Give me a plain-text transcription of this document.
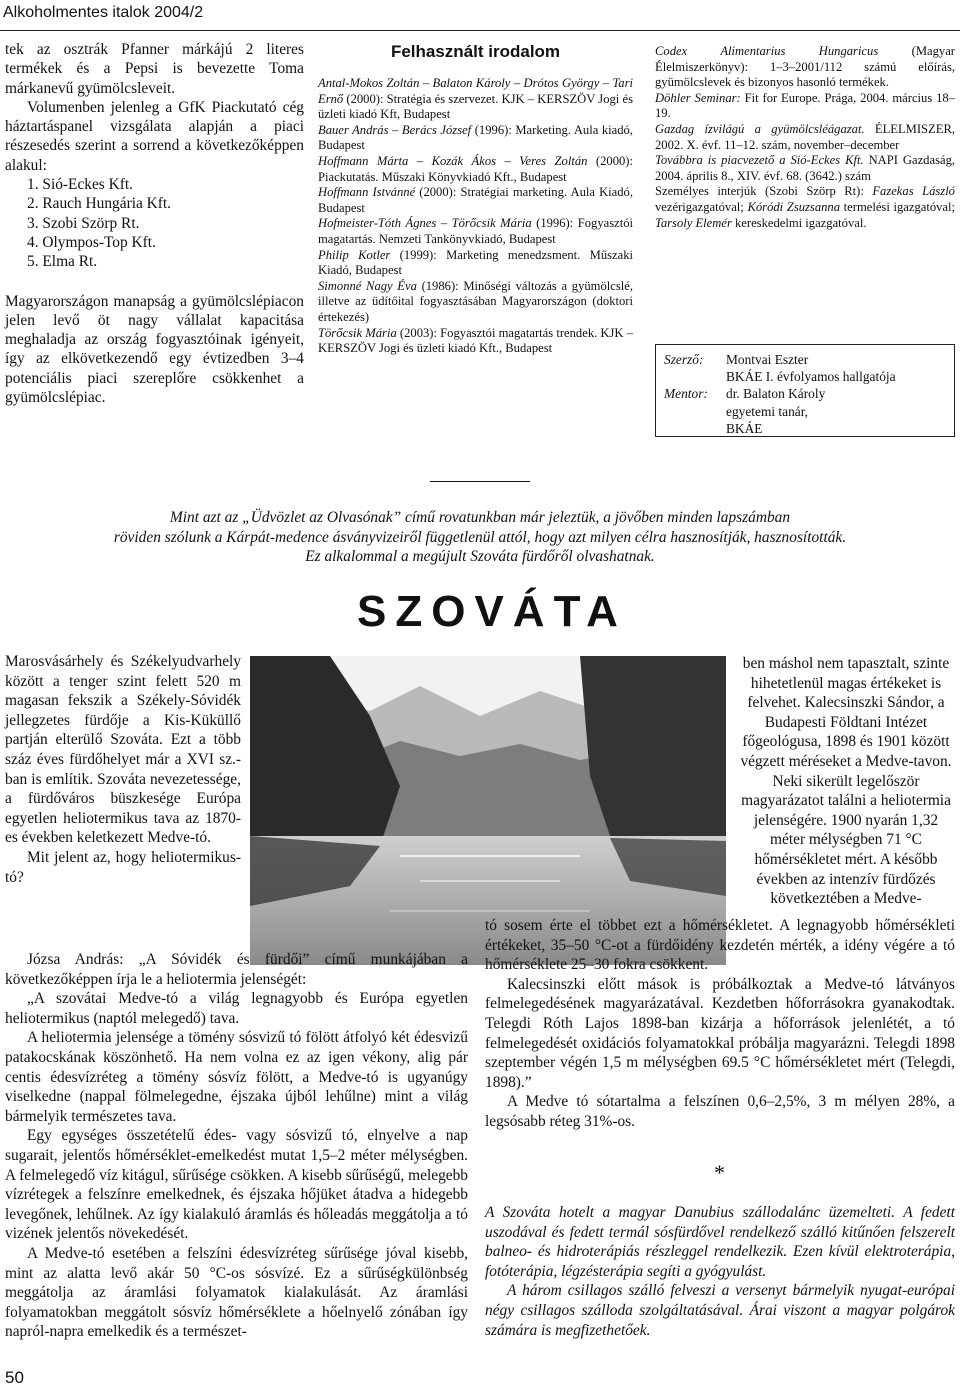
Alkoholmentes italok 2004/2

tek az osztrák Pfanner márkájú 2 literes termékek és a Pepsi is bevezette Toma márkanevű gyümölcsleveit.

Volumenben jelenleg a GfK Piackutató cég háztartáspanel vizsgálata alapján a piaci részesedés szerint a sorrend a következőképpen alakul:

1. Sió-Eckes Kft.

2. Rauch Hungária Kft.

3. Szobi Szörp Rt.

4. Olympos-Top Kft.

5. Elma Rt.

Magyarországon manapság a gyümölcslépiacon jelen levő öt nagy vállalat kapacitása meghaladja az ország fogyasztóinak igényeit, így az elkövetkezendő egy évtizedben 3–4 potenciális piaci szereplőre csökkenhet a gyümölcslépiac.

Felhasznált irodalom

Antal-Mokos Zoltán – Balaton Károly – Drótos György – Tari Ernő (2000): Stratégia és szervezet. KJK – KERSZÖV Jogi és üzleti kiadó Kft, Budapest

Bauer András – Berács József (1996): Marketing. Aula kiadó, Budapest

Hoffmann Márta – Kozák Ákos – Veres Zoltán (2000): Piackutatás. Műszaki Könyvkiadó Kft., Budapest

Hoffmann Istvánné (2000): Stratégiai marketing. Aula Kiadó, Budapest

Hofmeister-Tóth Ágnes – Törőcsik Mária (1996): Fogyasztói magatartás. Nemzeti Tankönyvkiadó, Budapest

Philip Kotler (1999): Marketing menedzsment. Műszaki Kiadó, Budapest

Simonné Nagy Éva (1986): Minőségi változás a gyümölcslé, illetve az üdítőital fogyasztásában Magyarországon (doktori értekezés)

Törőcsik Mária (2003): Fogyasztói magatartás trendek. KJK – KERSZÖV Jogi és üzleti kiadó Kft., Budapest

Codex Alimentarius Hungaricus (Magyar Élelmiszerkönyv): 1–3–2001/112 számú előírás, gyümölcslevek és bizonyos hasonló termékek.

Döhler Seminar: Fit for Europe. Prága, 2004. március 18–19.

Gazdag ízvilágú a gyümölcsléágazat. ÉLELMISZER, 2002. X. évf. 11–12. szám, november–december

Továbbra is piacvezető a Sió-Eckes Kft. NAPI Gazdaság, 2004. április 8., XIV. évf. 68. (3642.) szám

Személyes interjúk (Szobi Szörp Rt): Fazekas László vezérigazgatóval; Kóródi Zsuzsanna termelési igazgatóval; Tarsoly Elemér kereskedelmi igazgatóval.

Szerző:	Montvai Eszter
	BKÁE I. évfolyamos hallgatója
Mentor:	dr. Balaton Károly
	egyetemi tanár,
	BKÁE
Mint azt az „Üdvözlet az Olvasónak” című rovatunkban már jeleztük, a jövőben minden lapszámban
röviden szólunk a Kárpát-medence ásványvizeiről függetlenül attól, hogy azt milyen célra hasznosítják, hasznosították.
Ez alkalommal a megújult Szováta fürdőről olvashatnak.
SZOVÁTA

Marosvásárhely és Székelyudvarhely között a tenger szint felett 520 m magasan fekszik a Székely-Sóvidék jellegzetes fürdője a Kis-Küküllő partján elterülő Szováta. Ezt a több száz éves fürdőhelyet már a XVI sz.-ban is említik. Szováta nevezetessége, a fürdőváros büszkesége Európa egyetlen heliotermikus tava az 1870-es években keletkezett Medve-tó.

Mit jelent az, hogy heliotermikus-tó?

Józsa András: „A Sóvidék és fürdői” című munkájában a következőképpen írja le a heliotermia jelenségét:

„A szovátai Medve-tó a világ legnagyobb és Európa egyetlen heliotermikus (naptól melegedő) tava.

A heliotermia jelensége a tömény sósvizű tó fölött átfolyó két édesvizű patakocskának köszönhető. Ha nem volna ez az igen vékony, alig pár centis édesvízréteg a tömény sósvíz fölött, a Medve-tó is ugyanúgy viselkedne (nappal fölmelegedne, éjszaka újból lehűlne) mint a világ bármelyik természetes tava.

Egy egységes összetételű édes- vagy sósvizű tó, elnyelve a nap sugarait, jelentős hőmérséklet-emelkedést mutat 1,5–2 méter mélységben. A felmelegedő víz kitágul, sűrűsége csökken. A kisebb sűrűségű, melegebb vízrétegek a felszínre emelkednek, és éjszaka hőjüket átadva a hidegebb levegőnek, lehűlnek. Az így kialakuló áramlás és hőleadás meggátolja a tó vizének jelentős növekedését.

A Medve-tó esetében a felszíni édesvízréteg sűrűsége jóval kisebb, mint az alatta levő akár 50 °C-os sósvízé. Ez a sűrűségkülönbség meggátolja az áramlási folyamatok kialakulását. Az áramlási folyamatokban meggátolt sósvíz hőmérséklete a hőelnyelő zónában így napról-napra emelkedik és a természet-

ben máshol nem tapasztalt, szinte hihetetlenül magas értékeket is felvehet. Kalecsinszki Sándor, a Budapesti Földtani Intézet főgeológusa, 1898 és 1901 között végzett méréseket a Medve-tavon. Neki sikerült legelőször magyarázatot találni a heliotermia jelenségére. 1900 nyarán 1,32 méter mélységben 71 °C hőmérsékletet mért. A később években az intenzív fürdőzés következtében a Medve-

tó sosem érte el többet ezt a hőmérsékletet. A legnagyobb hőmérsékleti értékeket, 35–50 °C-ot a fürdőidény kezdetén mérték, a idény végére a tó hőmérséklete 25–30 fokra csökkent.

Kalecsinszki előtt mások is próbálkoztak a Medve-tó látványos felmelegedésének magyarázatával. Kezdetben hőforrásokra gyanakodtak. Telegdi Róth Lajos 1898-ban kizárja a hőforrások jelenlétét, a tó felmelegedését oxidációs folyamatokkal próbálja magyarázni. Telegdi 1898 szeptember végén 1,5 m mélységben 69.5 °C hőmérsékletet mért (Telegdi, 1898).”

A Medve tó sótartalma a felszínen 0,6–2,5%, 3 m mélyen 28%, a legsósabb réteg 31%-os.

*

A Szováta hotelt a magyar Danubius szállodalánc üzemelteti. A fedett uszodával és fedett termál sósfürdővel rendelkező szálló kitűnően felszerelt balneo- és hidroterápiás részleggel rendelkezik. Ezen kívül elektroterápia, fotóterápia, légzésterápia segíti a gyógyulást.

A három csillagos szálló felveszi a versenyt bármelyik nyugat-európai négy csillagos szálloda szolgáltatásával. Árai viszont a magyar polgárok számára is megfizethetőek.

50
